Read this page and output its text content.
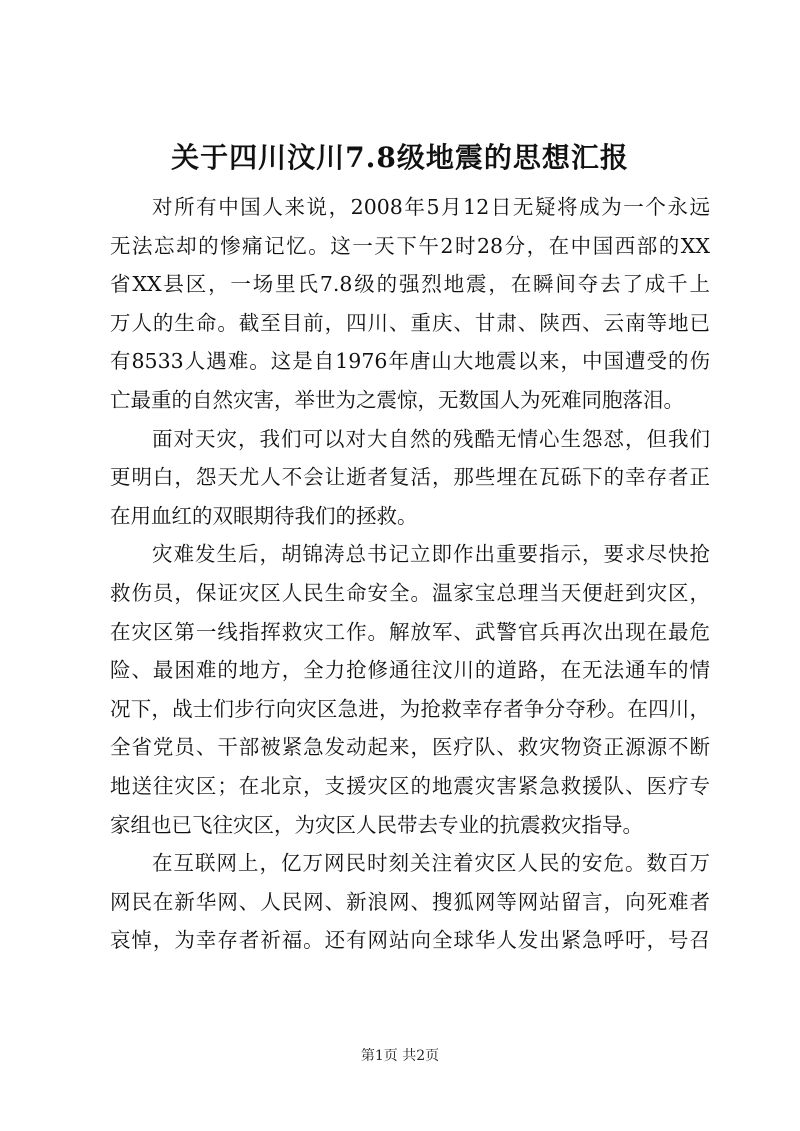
关于四川汶川7.8级地震的思想汇报
对所有中国人来说，2008年5月12日无疑将成为一个永远
无法忘却的惨痛记忆。这一天下午2时28分，在中国西部的XX
省XX县区，一场里氏7.8级的强烈地震，在瞬间夺去了成千上
万人的生命。截至目前，四川、重庆、甘肃、陕西、云南等地已
有8533人遇难。这是自1976年唐山大地震以来，中国遭受的伤
亡最重的自然灾害，举世为之震惊，无数国人为死难同胞落泪。
面对天灾，我们可以对大自然的残酷无情心生怨怼，但我们
更明白，怨天尤人不会让逝者复活，那些埋在瓦砾下的幸存者正
在用血红的双眼期待我们的拯救。
灾难发生后，胡锦涛总书记立即作出重要指示，要求尽快抢
救伤员，保证灾区人民生命安全。温家宝总理当天便赶到灾区，
在灾区第一线指挥救灾工作。解放军、武警官兵再次出现在最危
险、最困难的地方，全力抢修通往汶川的道路，在无法通车的情
况下，战士们步行向灾区急进，为抢救幸存者争分夺秒。在四川，
全省党员、干部被紧急发动起来，医疗队、救灾物资正源源不断
地送往灾区；在北京，支援灾区的地震灾害紧急救援队、医疗专
家组也已飞往灾区，为灾区人民带去专业的抗震救灾指导。
在互联网上，亿万网民时刻关注着灾区人民的安危。数百万
网民在新华网、人民网、新浪网、搜狐网等网站留言，向死难者
哀悼，为幸存者祈福。还有网站向全球华人发出紧急呼吁，号召
第1页 共2页
